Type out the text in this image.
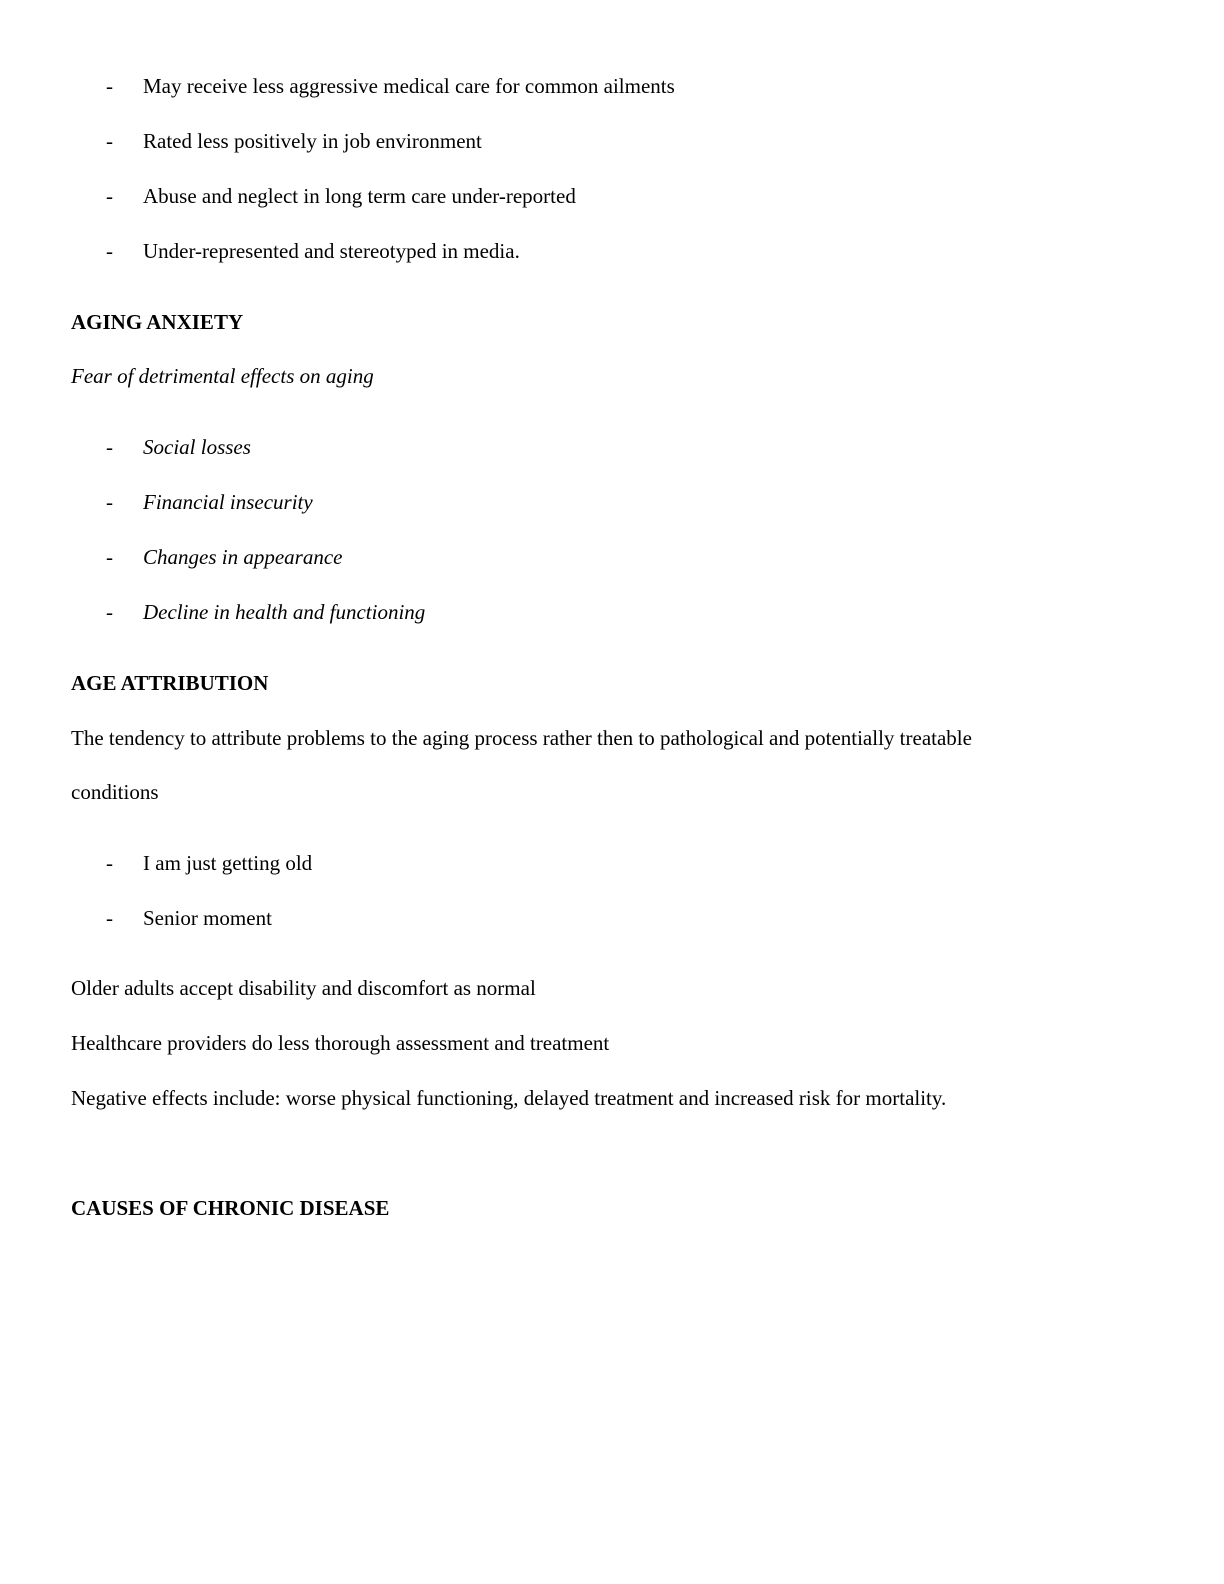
- May receive less aggressive medical care for common ailments
- Rated less positively in job environment
- Abuse and neglect in long term care under-reported
- Under-represented and stereotyped in media.
AGING ANXIETY
Fear of detrimental effects on aging
- Social losses
- Financial insecurity
- Changes in appearance
- Decline in health and functioning
AGE ATTRIBUTION
The tendency to attribute problems to the aging process rather then to pathological and potentially treatable
conditions
- I am just getting old
- Senior moment
Older adults accept disability and discomfort as normal
Healthcare providers do less thorough assessment and treatment
Negative effects include: worse physical functioning, delayed treatment and increased risk for mortality.
CAUSES OF CHRONIC DISEASE
